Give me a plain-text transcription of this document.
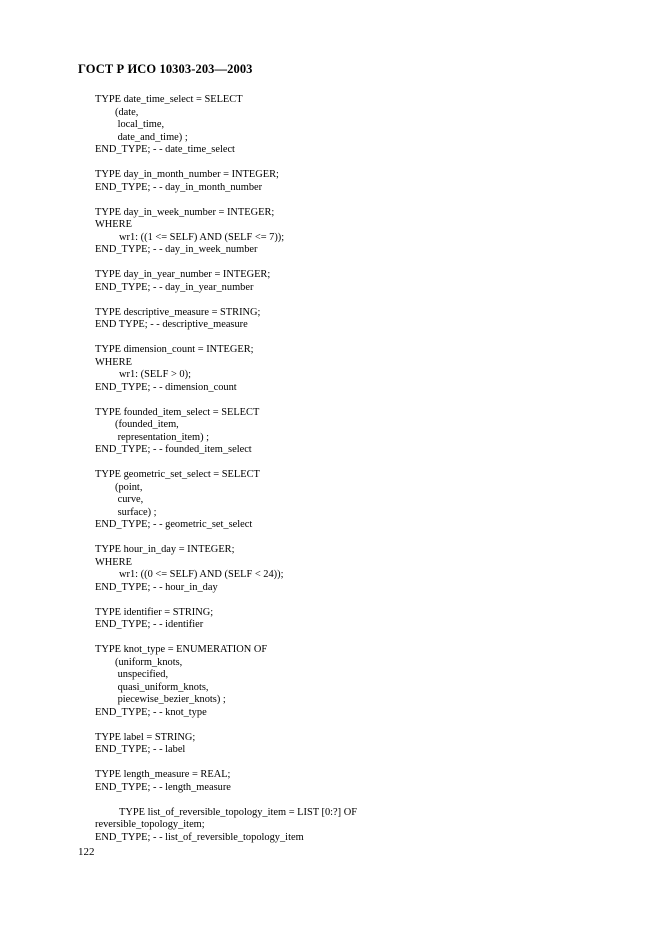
ГОСТ Р ИСО 10303-203—2003
TYPE date_time_select = SELECT
(date,
local_time,
date_and_time) ;
END_TYPE; - - date_time_select
TYPE day_in_month_number = INTEGER;
END_TYPE; - - day_in_month_number
TYPE day_in_week_number = INTEGER;
WHERE
wr1: ((1 <= SELF) AND (SELF <= 7));
END_TYPE; - - day_in_week_number
TYPE day_in_year_number = INTEGER;
END_TYPE; - - day_in_year_number
TYPE descriptive_measure = STRING;
END TYPE; - - descriptive_measure
TYPE dimension_count = INTEGER;
WHERE
wr1: (SELF > 0);
END_TYPE; - - dimension_count
TYPE founded_item_select = SELECT
(founded_item,
representation_item) ;
END_TYPE; - - founded_item_select
TYPE geometric_set_select = SELECT
(point,
curve,
surface) ;
END_TYPE; - - geometric_set_select
TYPE hour_in_day = INTEGER;
WHERE
wr1: ((0 <= SELF) AND (SELF < 24));
END_TYPE; - - hour_in_day
TYPE identifier = STRING;
END_TYPE; - - identifier
TYPE knot_type = ENUMERATION OF
(uniform_knots,
unspecified,
quasi_uniform_knots,
piecewise_bezier_knots) ;
END_TYPE; - - knot_type
TYPE label = STRING;
END_TYPE; - - label
TYPE length_measure = REAL;
END_TYPE; - - length_measure
TYPE list_of_reversible_topology_item = LIST [0:?] OF
reversible_topology_item;
END_TYPE; - - list_of_reversible_topology_item
122
